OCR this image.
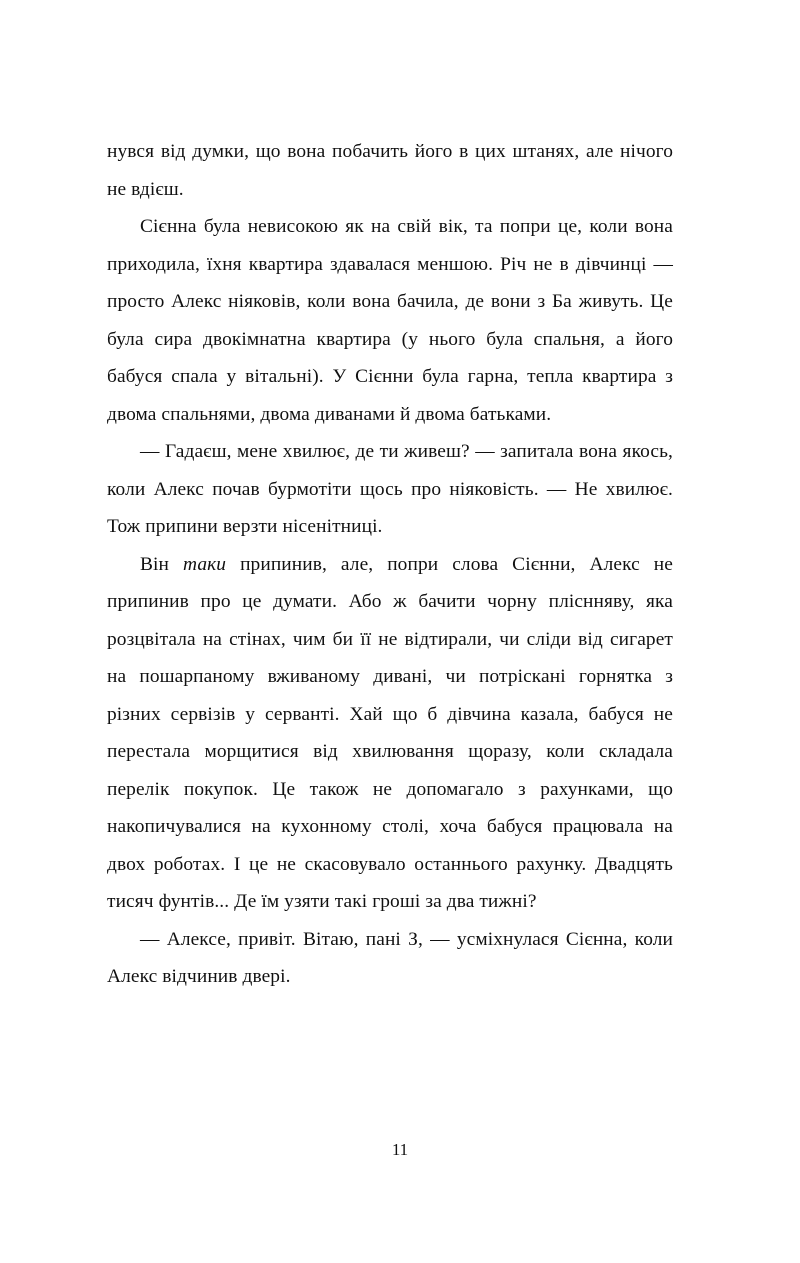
нувся від думки, що вона побачить його в цих штанях, але нічого не вдієш.

Сієнна була невисокою як на свій вік, та попри це, коли вона приходила, їхня квартира здавалася меншою. Річ не в дівчинці — просто Алекс ніяковів, коли вона бачила, де вони з Ба живуть. Це була сира двокімнатна квартира (у нього була спальня, а його бабуся спала у вітальні). У Сієнни була гарна, тепла квартира з двома спальнями, двома диванами й двома батьками.

— Гадаєш, мене хвилює, де ти живеш? — запитала вона якось, коли Алекс почав бурмотіти щось про ніяковість. — Не хвилює. Тож припини верзти нісенітниці.

Він таки припинив, але, попри слова Сієнни, Алекс не припинив про це думати. Або ж бачити чорну пліснняву, яка розцвітала на стінах, чим би її не відтирали, чи сліди від сигарет на пошарпаному вживаному дивані, чи потріскані горнятка з різних сервізів у серванті. Хай що б дівчина казала, бабуся не перестала морщитися від хвилювання щоразу, коли складала перелік покупок. Це також не допомагало з рахунками, що накопичувалися на кухонному столі, хоча бабуся працювала на двох роботах. І це не скасовувало останнього рахунку. Двадцять тисяч фунтів... Де їм узяти такі гроші за два тижні?

— Алексе, привіт. Вітаю, пані З, — усміхнулася Сієнна, коли Алекс відчинив двері.

11
